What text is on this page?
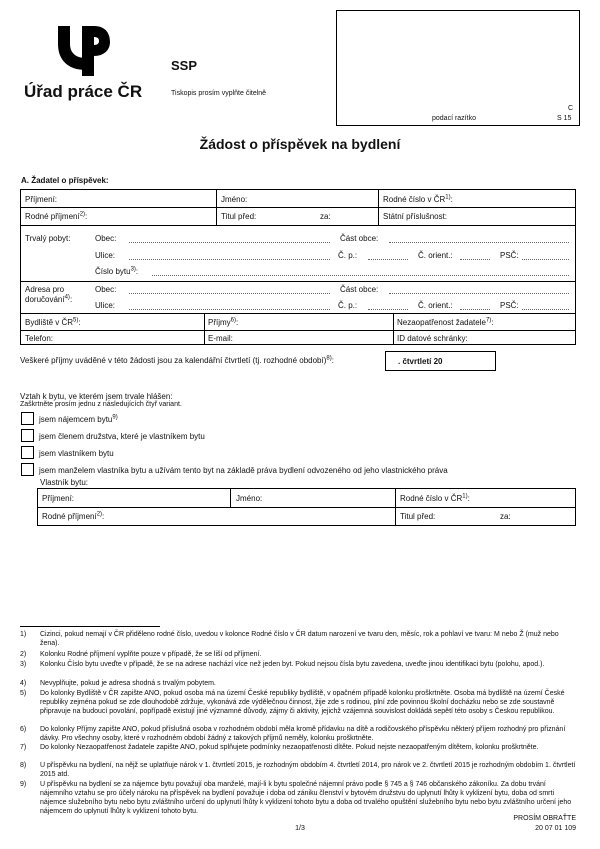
Úřad práce ČR
SSP
Tiskopis prosím vyplňte čitelně
podací razítko
C
S 15
Žádost o příspěvek na bydlení
A. Žadatel o příspěvek:
Příjmení:	Jméno:	Rodné číslo v ČR$^{1)}$:
Rodné příjmení$^{2)}$:	Titul před:	za:	Státní příslušnost:
Trvalý pobyt:	Obec:	Část obce:
Ulice:	Č. p.:	Č. orient.:	PSČ:
Číslo bytu$^{3)}$:
Adresa pro
doručování$^{4)}$:
Obec:	Část obce:
Ulice:	Č. p.:	Č. orient.:	PSČ:
Bydliště v ČR$^{5)}$:	Příjmy$^{6)}$:	Nezaopatřenost žadatele$^{7)}$:
Telefon:	E-mail:	ID datové schránky:
Veškeré příjmy uváděné v této žádosti jsou za kalendářní čtvrtletí (tj. rozhodné období)$^{8)}$:	. čtvrtletí 20
Vztah k bytu, ve kterém jsem trvale hlášen:
Zaškrtněte prosím jednu z následujících čtyř variant.
jsem nájemcem bytu$^{9)}$
jsem členem družstva, které je vlastníkem bytu
jsem vlastníkem bytu
jsem manželem vlastníka bytu a užívám tento byt na základě práva bydlení odvozeného od jeho vlastnického práva
Vlastník bytu:
Příjmení:	Jméno:	Rodné číslo v ČR$^{1)}$:
Rodné příjmení$^{2)}$:	Titul před:	za:
1) Cizinci, pokud nemají v ČR přiděleno rodné číslo, uvedou v kolonce Rodné číslo v ČR datum narození ve tvaru den, měsíc, rok a pohlaví ve tvaru: M nebo Ž (muž nebo žena).
2) Kolonku Rodné příjmení vyplňte pouze v případě, že se liší od příjmení.
3) Kolonku Číslo bytu uveďte v případě, že se na adrese nachází více než jeden byt. Pokud nejsou čísla bytu zavedena, uveďte jinou identifikaci bytu (polohu, apod.).
4) Nevyplňujte, pokud je adresa shodná s trvalým pobytem.
5) Do kolonky Bydliště v ČR zapište ANO, pokud osoba má na území České republiky bydliště, v opačném případě kolonku proškrtněte. Osoba má bydliště na území České republiky zejména pokud se zde dlouhodobě zdržuje, vykonává zde výdělečnou činnost, žije zde s rodinou, plní zde povinnou školní docházku nebo se zde soustavně připravuje na budoucí povolání, popřípadě existují jiné významné důvody, zájmy či aktivity, jejichž vzájemná souvislost dokládá sepětí této osoby s Českou republikou.
6) Do kolonky Příjmy zapište ANO, pokud příslušná osoba v rozhodném období měla kromě přídavku na dítě a rodičovského příspěvku některý příjem rozhodný pro přiznání dávky. Pro všechny osoby, které v rozhodném období žádný z takových příjmů neměly, kolonku proškrtněte.
7) Do kolonky Nezaopatřenost žadatele zapište ANO, pokud splňujete podmínky nezaopatřenosti dítěte. Pokud nejste nezaopatřeným dítětem, kolonku proškrtněte.
8) U příspěvku na bydlení, na nějž se uplatňuje nárok v 1. čtvrtletí 2015, je rozhodným obdobím 4. čtvrtletí 2014, pro nárok ve 2. čtvrtletí 2015 je rozhodným obdobím 1. čtvrtletí 2015 atd.
9) U příspěvku na bydlení se za nájemce bytu považují oba manželé, mají-li k bytu společné nájemní právo podle § 745 a § 746 občanského zákoníku. Za dobu trvání nájemního vztahu se pro účely nároku na příspěvek na bydlení považuje i doba od zániku členství v bytovém družstvu do uplynutí lhůty k vyklizení bytu, doba od smrti nájemce služebního bytu nebo bytu zvláštního určení do uplynutí lhůty k vyklizení tohoto bytu a doba od trvalého opuštění služebního bytu nebo bytu zvláštního určení jeho nájemcem do uplynutí lhůty k vyklizení tohoto bytu.
PROSÍM OBRAŤTE
20 07 01 109
1/3
